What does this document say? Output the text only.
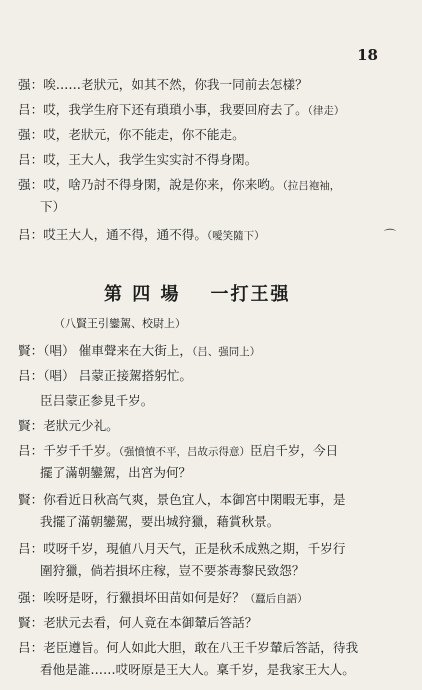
18
强：唉……老狀元，如其不然，你我一同前去怎樣？
吕：哎，我学生府下还有瑣瑣小事，我要回府去了。（律走）
强：哎，老狀元，你不能走，你不能走。
吕：哎，王大人，我学生实实討不得身閑。
强：哎，啥乃討不得身閑，說是你来，你来哟。（拉吕袍袖，
下）
吕：哎王大人，通不得，通不得。（噯笑隨下）	⌒
第 四 場 一打王强
（八賢王引鑾駕、校尉上）
賢：（唱） 催車聲来在大街上，（吕、强同上）
吕：（唱） 吕蒙正接駕搭躬忙。
臣吕蒙正参見千岁。
賢：老狀元少礼。
吕：千岁千千岁。（强憤憤不平，吕故示得意）臣启千岁，今日
擺了滿朝鑾駕，出宮为何？
賢：你看近日秋高气爽，景色宜人，本御宮中閑暇无事，是
我擺了滿朝鑾駕，要出城狩獵，藉賞秋景。
吕：哎呀千岁，現値八月天气，正是秋禾成熟之期，千岁行
圍狩獵，倘若損坏庄稼，豈不要茶毒黎民致怨？
强：唉呀是呀，行獵損坏田苗如何是好？（蠶后自語）
賢：老狀元去看，何人竟在本御輦后答話？
吕：老臣遵旨。何人如此大胆，敢在八王千岁輦后答話，待我
看他是誰……哎呀原是王大人。稟千岁，是我家王大人。
